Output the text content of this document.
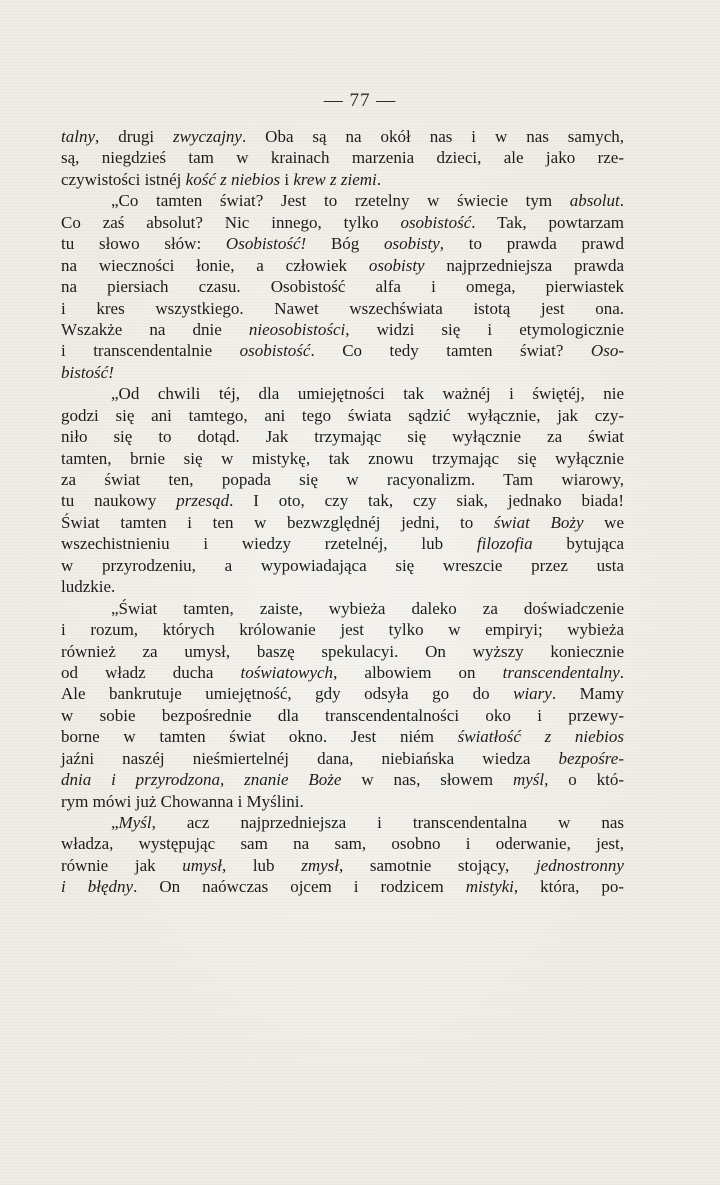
— 77 —
talny, drugi zwyczajny. Oba są na okół nas i w nas samych,
są, niegdzieś tam w krainach marzenia dzieci, ale jako rze-
czywistości istnéj kość z niebios i krew z ziemi.
„Co tamten świat? Jest to rzetelny w świecie tym absolut.
Co zaś absolut? Nic innego, tylko osobistość. Tak, powtarzam
tu słowo słów: Osobistość! Bóg osobisty, to prawda prawd
na wieczności łonie, a człowiek osobisty najprzedniejsza prawda
na piersiach czasu. Osobistość alfa i omega, pierwiastek
i kres wszystkiego. Nawet wszechświata istotą jest ona.
Wszakże na dnie nieosobistości, widzi się i etymologicznie
i transcendentalnie osobistość. Co tedy tamten świat? Oso-
bistość!
„Od chwili téj, dla umiejętności tak ważnéj i świętéj, nie
godzi się ani tamtego, ani tego świata sądzić wyłącznie, jak czy-
niło się to dotąd. Jak trzymając się wyłącznie za świat
tamten, brnie się w mistykę, tak znowu trzymając się wyłącznie
za świat ten, popada się w racyonalizm. Tam wiarowy,
tu naukowy przesąd. I oto, czy tak, czy siak, jednako biada!
Świat tamten i ten w bezwzględnéj jedni, to świat Boży we
wszechistnieniu i wiedzy rzetelnéj, lub filozofia bytująca
w przyrodzeniu, a wypowiadająca się wreszcie przez usta
ludzkie.
„Świat tamten, zaiste, wybieża daleko za doświadczenie
i rozum, których królowanie jest tylko w empiryi; wybieża
również za umysł, baszę spekulacyi. On wyższy koniecznie
od władz ducha toświatowych, albowiem on transcendentalny.
Ale bankrutuje umiejętność, gdy odsyła go do wiary. Mamy
w sobie bezpośrednie dla transcendentalności oko i przewy-
borne w tamten świat okno. Jest niém światłość z niebios
jaźni naszéj nieśmiertelnéj dana, niebiańska wiedza bezpośre-
dnia i przyrodzona, znanie Boże w nas, słowem myśl, o któ-
rym mówi już Chowanna i Myślini.
„Myśl, acz najprzedniejsza i transcendentalna w nas
władza, występując sam na sam, osobno i oderwanie, jest,
równie jak umysł, lub zmysł, samotnie stojący, jednostronny
i błędny. On naówczas ojcem i rodzicem mistyki, która, po-
